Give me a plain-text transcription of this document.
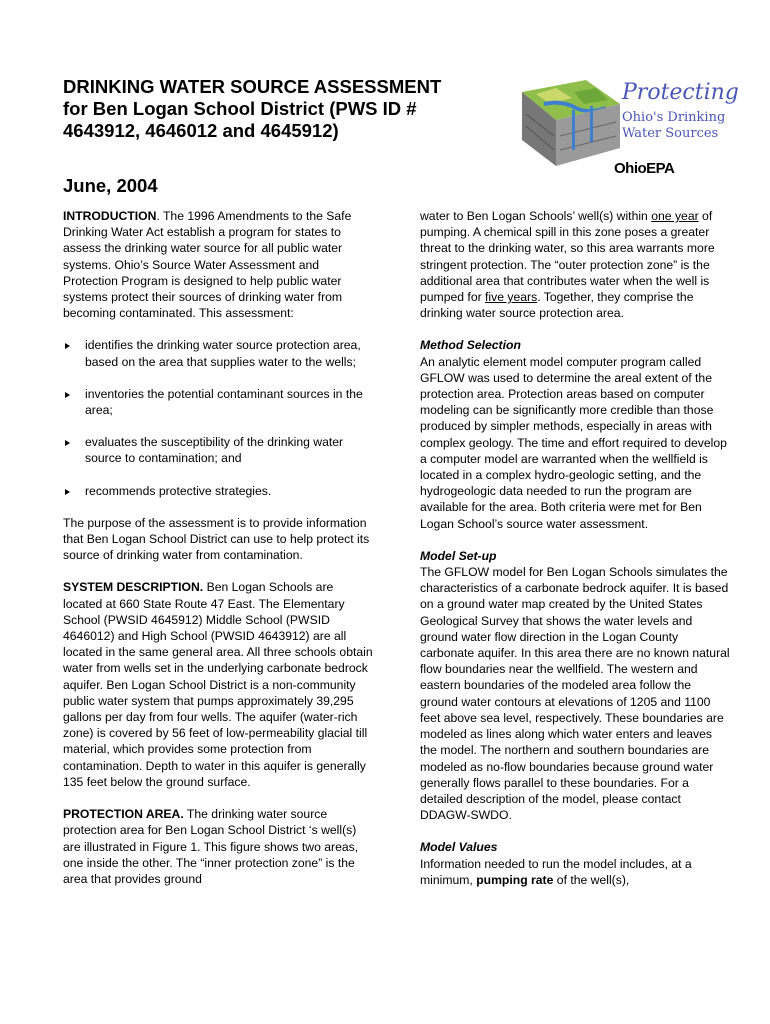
DRINKING WATER SOURCE ASSESSMENT
for Ben Logan School District (PWS ID #
4643912, 4646012 and 4645912)
June, 2004
Protecting
Ohio's Drinking
Water Sources
OhioEPA

INTRODUCTION. The 1996 Amendments to the Safe Drinking Water Act establish a program for states to assess the drinking water source for all public water systems. Ohio’s Source Water Assessment and Protection Program is designed to help public water systems protect their sources of drinking water from becoming contaminated. This assessment:

identifies the drinking water source protection area, based on the area that supplies water to the wells;
inventories the potential contaminant sources in the area;
evaluates the susceptibility of the drinking water source to contamination; and
recommends protective strategies.

The purpose of the assessment is to provide information that Ben Logan School District can use to help protect its source of drinking water from contamination.

SYSTEM DESCRIPTION. Ben Logan Schools are located at 660 State Route 47 East. The Elementary School (PWSID 4645912) Middle School (PWSID 4646012) and High School (PWSID 4643912) are all located in the same general area. All three schools obtain water from wells set in the underlying carbonate bedrock aquifer. Ben Logan School District is a non-community public water system that pumps approximately 39,295 gallons per day from four wells. The aquifer (water-rich zone) is covered by 56 feet of low-permeability glacial till material, which provides some protection from contamination. Depth to water in this aquifer is generally 135 feet below the ground surface.

PROTECTION AREA. The drinking water source protection area for Ben Logan School District ‘s well(s) are illustrated in Figure 1. This figure shows two areas, one inside the other. The “inner protection zone” is the area that provides ground

water to Ben Logan Schools’ well(s) within one year of pumping. A chemical spill in this zone poses a greater threat to the drinking water, so this area warrants more stringent protection. The “outer protection zone” is the additional area that contributes water when the well is pumped for five years. Together, they comprise the drinking water source protection area.

Method Selection
An analytic element model computer program called GFLOW was used to determine the areal extent of the protection area. Protection areas based on computer modeling can be significantly more credible than those produced by simpler methods, especially in areas with complex geology. The time and effort required to develop a computer model are warranted when the wellfield is located in a complex hydro-geologic setting, and the hydrogeologic data needed to run the program are available for the area. Both criteria were met for Ben Logan School’s source water assessment.

Model Set-up
The GFLOW model for Ben Logan Schools simulates the characteristics of a carbonate bedrock aquifer. It is based on a ground water map created by the United States Geological Survey that shows the water levels and ground water flow direction in the Logan County carbonate aquifer. In this area there are no known natural flow boundaries near the wellfield. The western and eastern boundaries of the modeled area follow the ground water contours at elevations of 1205 and 1100 feet above sea level, respectively. These boundaries are modeled as lines along which water enters and leaves the model. The northern and southern boundaries are modeled as no-flow boundaries because ground water generally flows parallel to these boundaries. For a detailed description of the model, please contact DDAGW-SWDO.

Model Values
Information needed to run the model includes, at a minimum, pumping rate of the well(s),
